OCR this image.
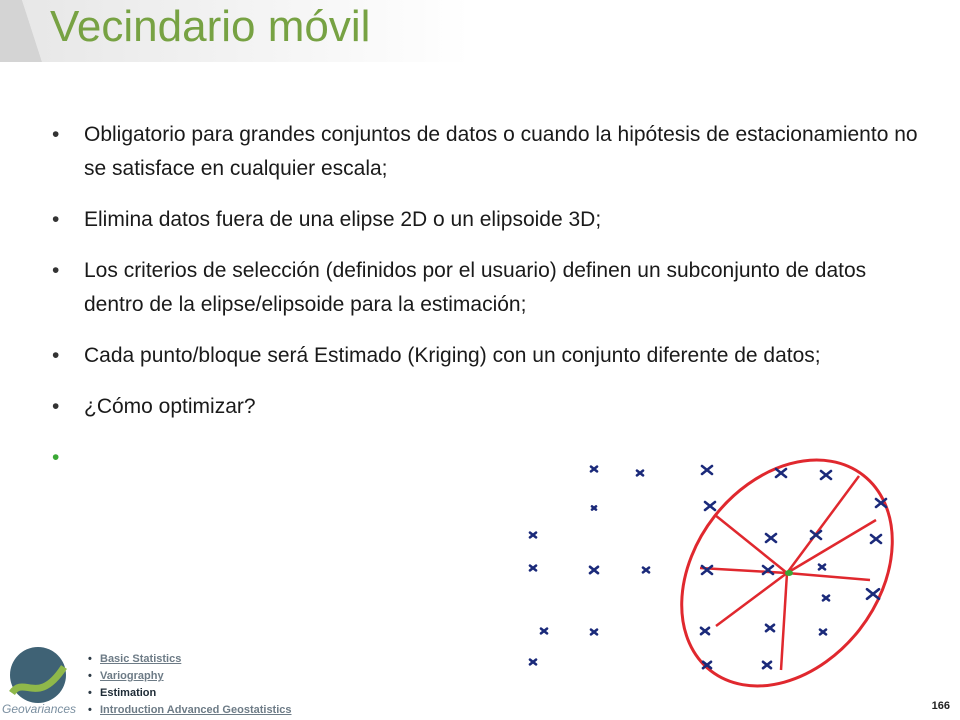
Vecindario móvil
• Obligatorio para grandes conjuntos de datos o cuando la hipótesis de estacionamiento no se satisface en cualquier escala;
• Elimina datos fuera de una elipse 2D o un elipsoide 3D;
• Los criterios de selección (definidos por el usuario) definen un subconjunto de datos dentro de la elipse/elipsoide para la estimación;
• Cada punto/bloque será Estimado (Kriging) con un conjunto diferente de datos;
• ¿Cómo optimizar?
Geovariances
• Basic Statistics
• Variography
• Estimation
• Introduction Advanced Geostatistics	166
